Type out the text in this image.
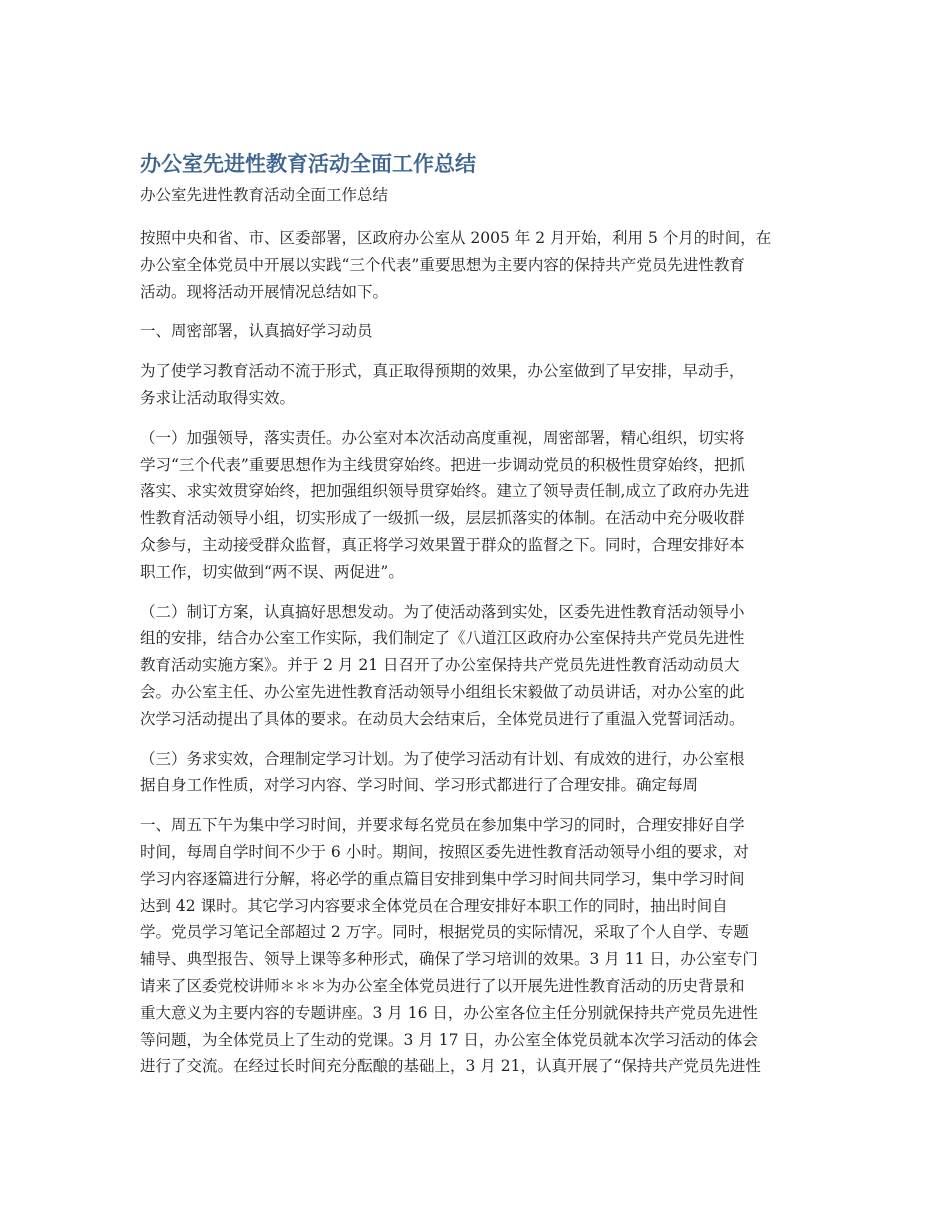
办公室先进性教育活动全面工作总结
办公室先进性教育活动全面工作总结

按照中央和省、市、区委部署，区政府办公室从 2005 年 2 月开始，利用 5 个月的时间，在
办公室全体党员中开展以实践“三个代表”重要思想为主要内容的保持共产党员先进性教育
活动。现将活动开展情况总结如下。

一、周密部署，认真搞好学习动员

为了使学习教育活动不流于形式，真正取得预期的效果，办公室做到了早安排，早动手，
务求让活动取得实效。

（一）加强领导，落实责任。办公室对本次活动高度重视，周密部署，精心组织，切实将
学习“三个代表”重要思想作为主线贯穿始终。把进一步调动党员的积极性贯穿始终，把抓
落实、求实效贯穿始终，把加强组织领导贯穿始终。建立了领导责任制,成立了政府办先进
性教育活动领导小组，切实形成了一级抓一级，层层抓落实的体制。在活动中充分吸收群
众参与，主动接受群众监督，真正将学习效果置于群众的监督之下。同时，合理安排好本
职工作，切实做到“两不误、两促进”。

（二）制订方案，认真搞好思想发动。为了使活动落到实处，区委先进性教育活动领导小
组的安排，结合办公室工作实际，我们制定了《八道江区政府办公室保持共产党员先进性
教育活动实施方案》。并于 2 月 21 日召开了办公室保持共产党员先进性教育活动动员大
会。办公室主任、办公室先进性教育活动领导小组组长宋毅做了动员讲话，对办公室的此
次学习活动提出了具体的要求。在动员大会结束后，全体党员进行了重温入党誓词活动。

（三）务求实效，合理制定学习计划。为了使学习活动有计划、有成效的进行，办公室根
据自身工作性质，对学习内容、学习时间、学习形式都进行了合理安排。确定每周

一、周五下午为集中学习时间，并要求每名党员在参加集中学习的同时，合理安排好自学
时间，每周自学时间不少于 6 小时。期间，按照区委先进性教育活动领导小组的要求，对
学习内容逐篇进行分解，将必学的重点篇目安排到集中学习时间共同学习，集中学习时间
达到 42 课时。其它学习内容要求全体党员在合理安排好本职工作的同时，抽出时间自
学。党员学习笔记全部超过 2 万字。同时，根据党员的实际情况，采取了个人自学、专题
辅导、典型报告、领导上课等多种形式，确保了学习培训的效果。3 月 11 日，办公室专门
请来了区委党校讲师＊＊＊为办公室全体党员进行了以开展先进性教育活动的历史背景和
重大意义为主要内容的专题讲座。3 月 16 日，办公室各位主任分别就保持共产党员先进性
等问题，为全体党员上了生动的党课。3 月 17 日，办公室全体党员就本次学习活动的体会
进行了交流。在经过长时间充分酝酿的基础上，3 月 21，认真开展了“保持共产党员先进性
